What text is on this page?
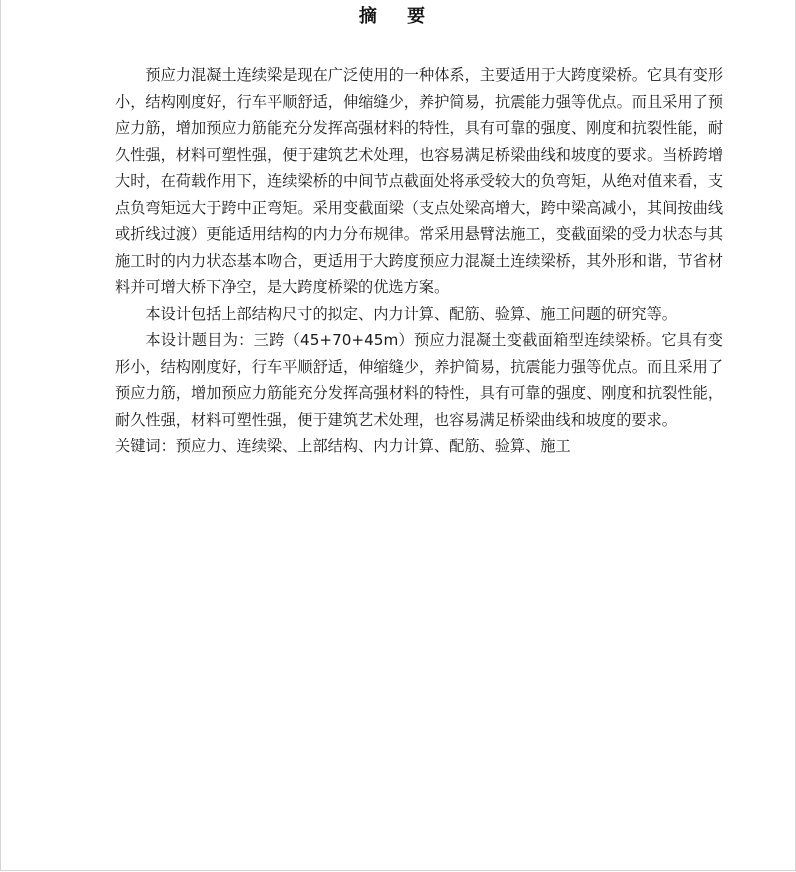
摘 要

预应力混凝土连续梁是现在广泛使用的一种体系，主要适用于大跨度梁桥。它具有变形小，结构刚度好，行车平顺舒适，伸缩缝少，养护简易，抗震能力强等优点。而且采用了预应力筋，增加预应力筋能充分发挥高强材料的特性，具有可靠的强度、刚度和抗裂性能，耐久性强，材料可塑性强，便于建筑艺术处理，也容易满足桥梁曲线和坡度的要求。当桥跨增大时，在荷载作用下，连续梁桥的中间节点截面处将承受较大的负弯矩，从绝对值来看，支点负弯矩远大于跨中正弯矩。采用变截面梁（支点处梁高增大，跨中梁高减小，其间按曲线或折线过渡）更能适用结构的内力分布规律。常采用悬臂法施工，变截面梁的受力状态与其施工时的内力状态基本吻合，更适用于大跨度预应力混凝土连续梁桥，其外形和谐，节省材料并可增大桥下净空，是大跨度桥梁的优选方案。

本设计包括上部结构尺寸的拟定、内力计算、配筋、验算、施工问题的研究等。

本设计题目为：三跨（45+70+45m）预应力混凝土变截面箱型连续梁桥。它具有变形小，结构刚度好，行车平顺舒适，伸缩缝少，养护简易，抗震能力强等优点。而且采用了预应力筋，增加预应力筋能充分发挥高强材料的特性，具有可靠的强度、刚度和抗裂性能，耐久性强，材料可塑性强，便于建筑艺术处理，也容易满足桥梁曲线和坡度的要求。

关键词：预应力、连续梁、上部结构、内力计算、配筋、验算、施工
